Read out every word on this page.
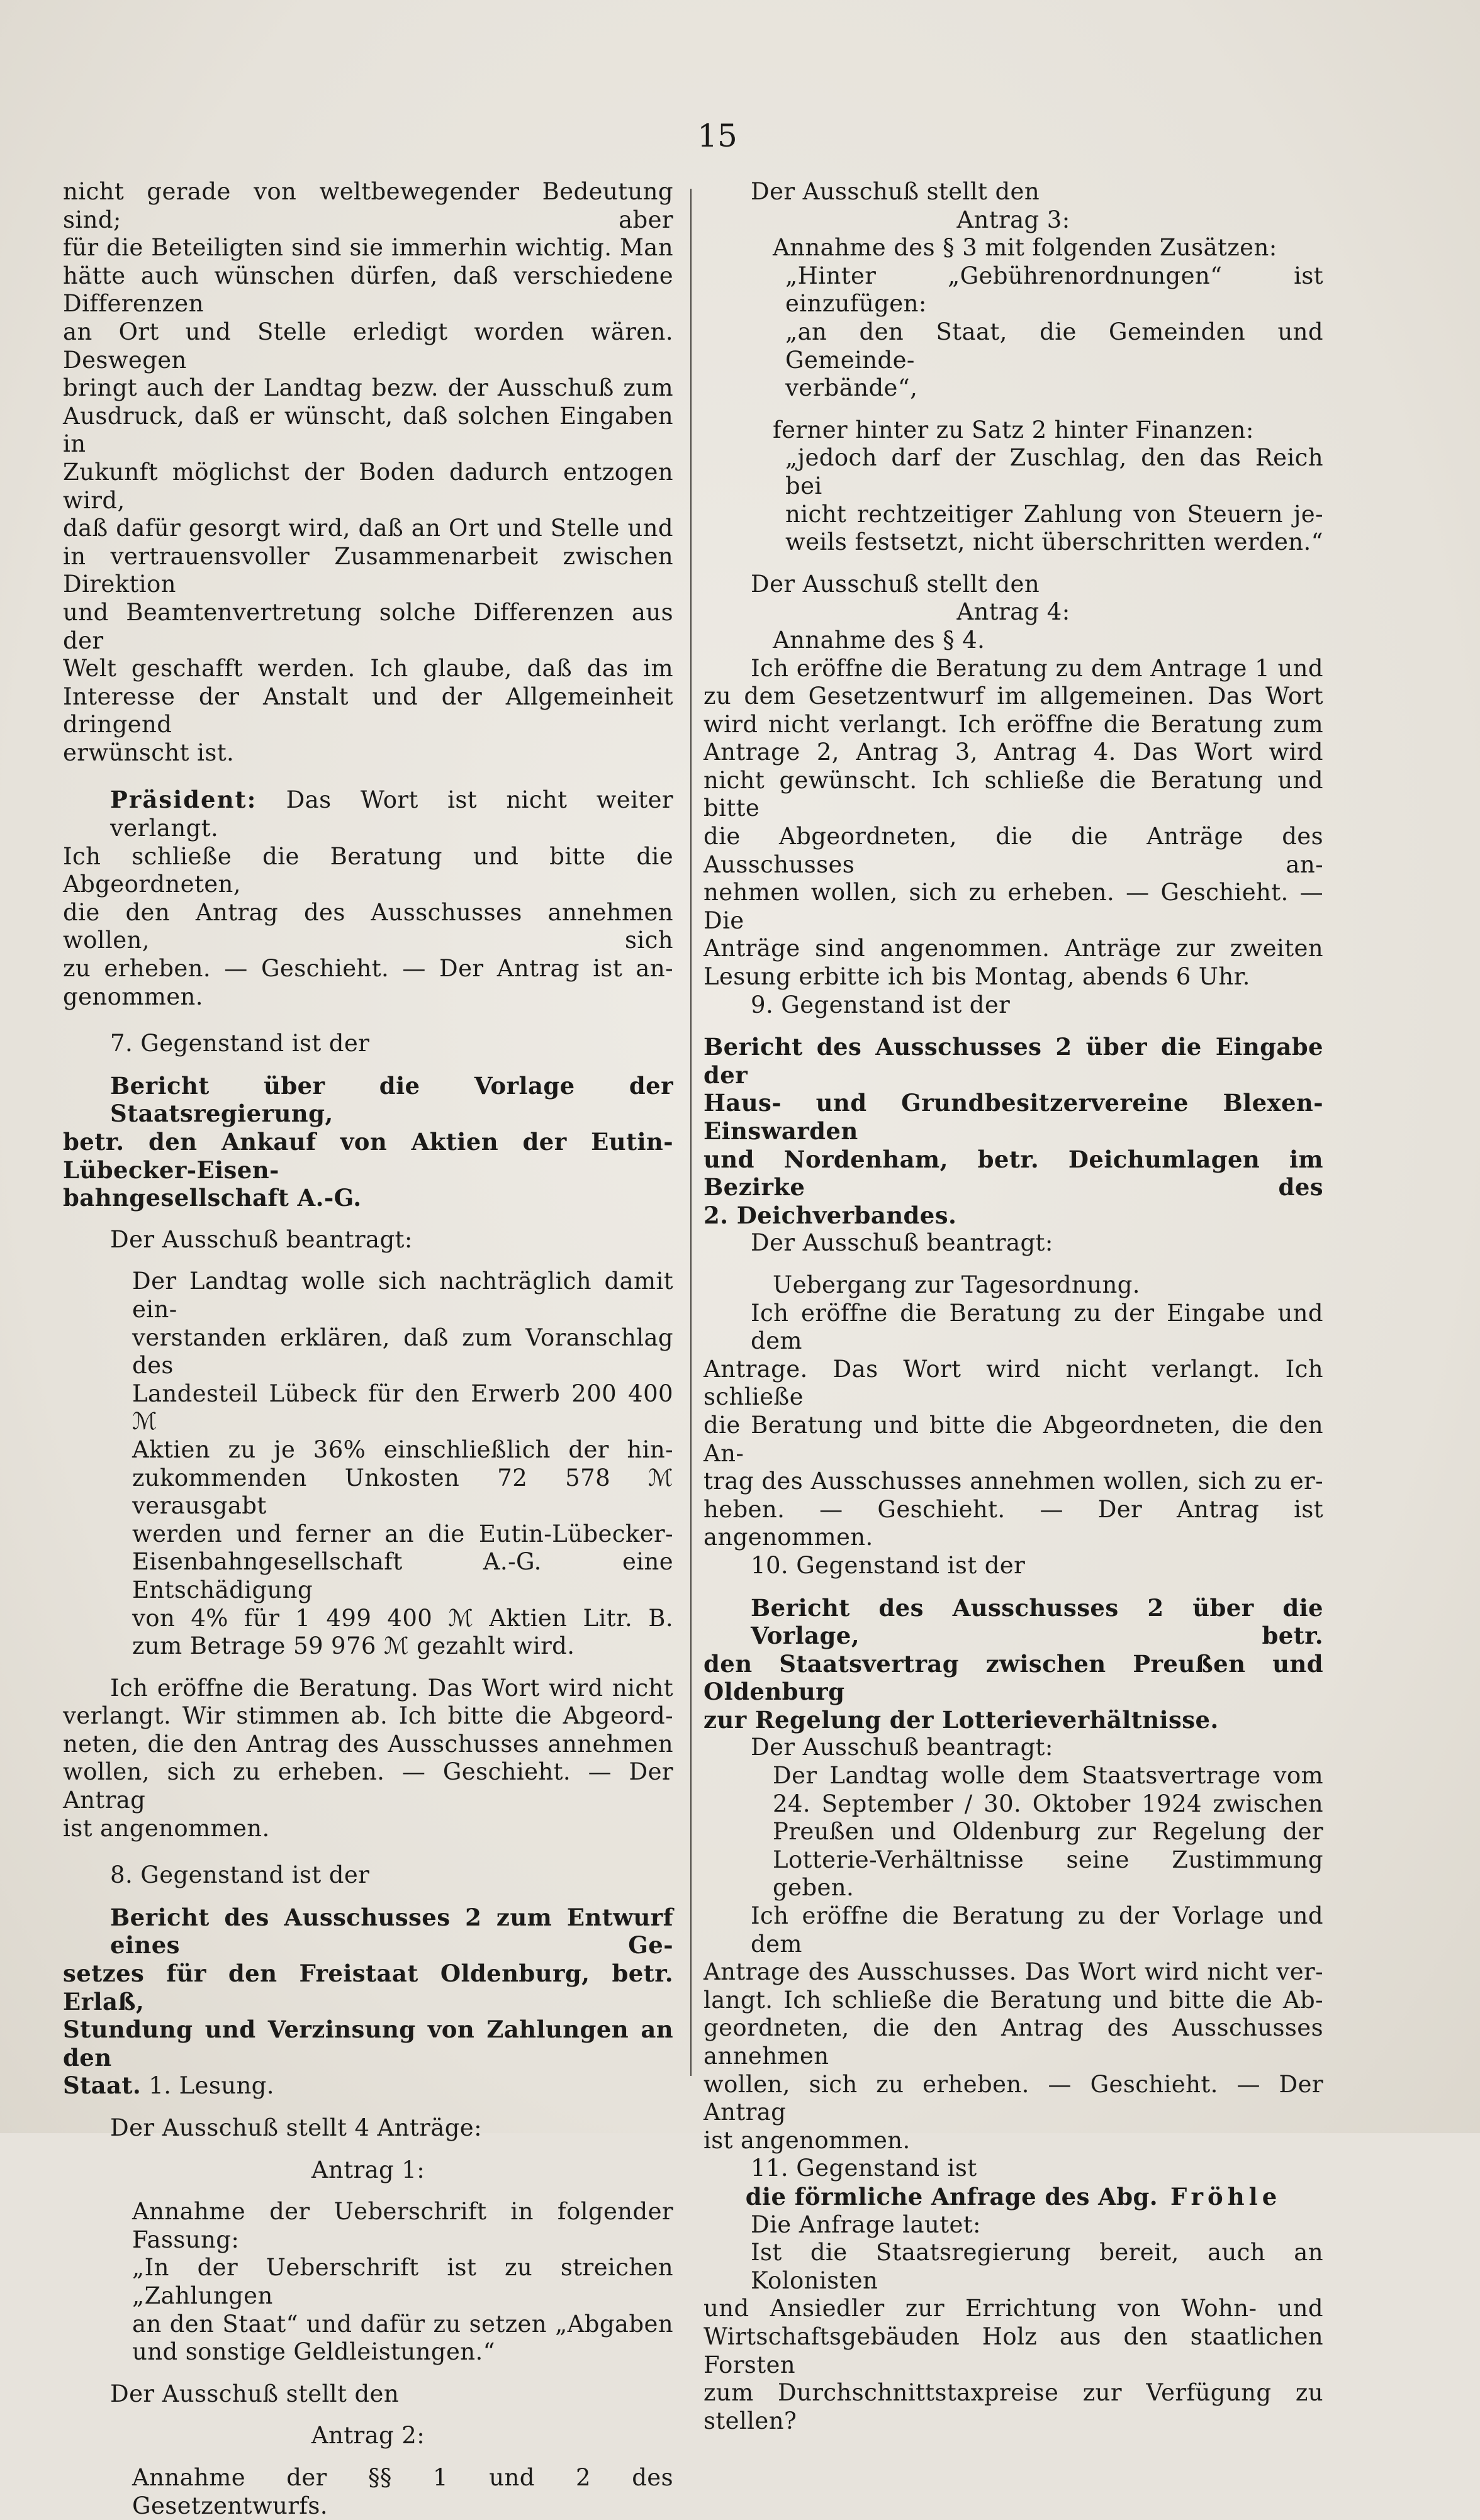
15

nicht gerade von weltbewegender Bedeutung sind; aber

für die Beteiligten sind sie immerhin wichtig. Man

hätte auch wünschen dürfen, daß verschiedene Differenzen

an Ort und Stelle erledigt worden wären. Deswegen

bringt auch der Landtag bezw. der Ausschuß zum

Ausdruck, daß er wünscht, daß solchen Eingaben in

Zukunft möglichst der Boden dadurch entzogen wird,

daß dafür gesorgt wird, daß an Ort und Stelle und

in vertrauensvoller Zusammenarbeit zwischen Direktion

und Beamtenvertretung solche Differenzen aus der

Welt geschafft werden. Ich glaube, daß das im

Interesse der Anstalt und der Allgemeinheit dringend

erwünscht ist.

Präsident: Das Wort ist nicht weiter verlangt.

Ich schließe die Beratung und bitte die Abgeordneten,

die den Antrag des Ausschusses annehmen wollen, sich

zu erheben. — Geschieht. — Der Antrag ist an-

genommen.

7. Gegenstand ist der

Bericht über die Vorlage der Staatsregierung,

betr. den Ankauf von Aktien der Eutin-Lübecker-Eisen-

bahngesellschaft A.-G.

Der Ausschuß beantragt:

Der Landtag wolle sich nachträglich damit ein-

verstanden erklären, daß zum Voranschlag des

Landesteil Lübeck für den Erwerb 200 400 ℳ

Aktien zu je 36% einschließlich der hin-

zukommenden Unkosten 72 578 ℳ verausgabt

werden und ferner an die Eutin-Lübecker-

Eisenbahngesellschaft A.-G. eine Entschädigung

von 4% für 1 499 400 ℳ Aktien Litr. B.

zum Betrage 59 976 ℳ gezahlt wird.

Ich eröffne die Beratung. Das Wort wird nicht

verlangt. Wir stimmen ab. Ich bitte die Abgeord-

neten, die den Antrag des Ausschusses annehmen

wollen, sich zu erheben. — Geschieht. — Der Antrag

ist angenommen.

8. Gegenstand ist der

Bericht des Ausschusses 2 zum Entwurf eines Ge-

setzes für den Freistaat Oldenburg, betr. Erlaß,

Stundung und Verzinsung von Zahlungen an den

Staat. 1. Lesung.

Der Ausschuß stellt 4 Anträge:

Antrag 1:

Annahme der Ueberschrift in folgender Fassung:

„In der Ueberschrift ist zu streichen „Zahlungen

an den Staat“ und dafür zu setzen „Abgaben

und sonstige Geldleistungen.“

Der Ausschuß stellt den

Antrag 2:

Annahme der §§ 1 und 2 des Gesetzentwurfs.

Der Ausschuß stellt den

Antrag 3:

Annahme des § 3 mit folgenden Zusätzen:

„Hinter „Gebührenordnungen“ ist einzufügen:

„an den Staat, die Gemeinden und Gemeinde-

verbände“,

ferner hinter zu Satz 2 hinter Finanzen:

„jedoch darf der Zuschlag, den das Reich bei

nicht rechtzeitiger Zahlung von Steuern je-

weils festsetzt, nicht überschritten werden.“

Der Ausschuß stellt den

Antrag 4:

Annahme des § 4.

Ich eröffne die Beratung zu dem Antrage 1 und

zu dem Gesetzentwurf im allgemeinen. Das Wort

wird nicht verlangt. Ich eröffne die Beratung zum

Antrage 2, Antrag 3, Antrag 4. Das Wort wird

nicht gewünscht. Ich schließe die Beratung und bitte

die Abgeordneten, die die Anträge des Ausschusses an-

nehmen wollen, sich zu erheben. — Geschieht. — Die

Anträge sind angenommen. Anträge zur zweiten

Lesung erbitte ich bis Montag, abends 6 Uhr.

9. Gegenstand ist der

Bericht des Ausschusses 2 über die Eingabe der

Haus- und Grundbesitzervereine Blexen-Einswarden

und Nordenham, betr. Deichumlagen im Bezirke des

2. Deichverbandes.

Der Ausschuß beantragt:

Uebergang zur Tagesordnung.

Ich eröffne die Beratung zu der Eingabe und dem

Antrage. Das Wort wird nicht verlangt. Ich schließe

die Beratung und bitte die Abgeordneten, die den An-

trag des Ausschusses annehmen wollen, sich zu er-

heben. — Geschieht. — Der Antrag ist angenommen.

10. Gegenstand ist der

Bericht des Ausschusses 2 über die Vorlage, betr.

den Staatsvertrag zwischen Preußen und Oldenburg

zur Regelung der Lotterieverhältnisse.

Der Ausschuß beantragt:

Der Landtag wolle dem Staatsvertrage vom

24. September / 30. Oktober 1924 zwischen

Preußen und Oldenburg zur Regelung der

Lotterie-Verhältnisse seine Zustimmung geben.

Ich eröffne die Beratung zu der Vorlage und dem

Antrage des Ausschusses. Das Wort wird nicht ver-

langt. Ich schließe die Beratung und bitte die Ab-

geordneten, die den Antrag des Ausschusses annehmen

wollen, sich zu erheben. — Geschieht. — Der Antrag

ist angenommen.

11. Gegenstand ist

die förmliche Anfrage des Abg. Fröhle

Die Anfrage lautet:

Ist die Staatsregierung bereit, auch an Kolonisten

und Ansiedler zur Errichtung von Wohn- und

Wirtschaftsgebäuden Holz aus den staatlichen Forsten

zum Durchschnittstaxpreise zur Verfügung zu stellen?
